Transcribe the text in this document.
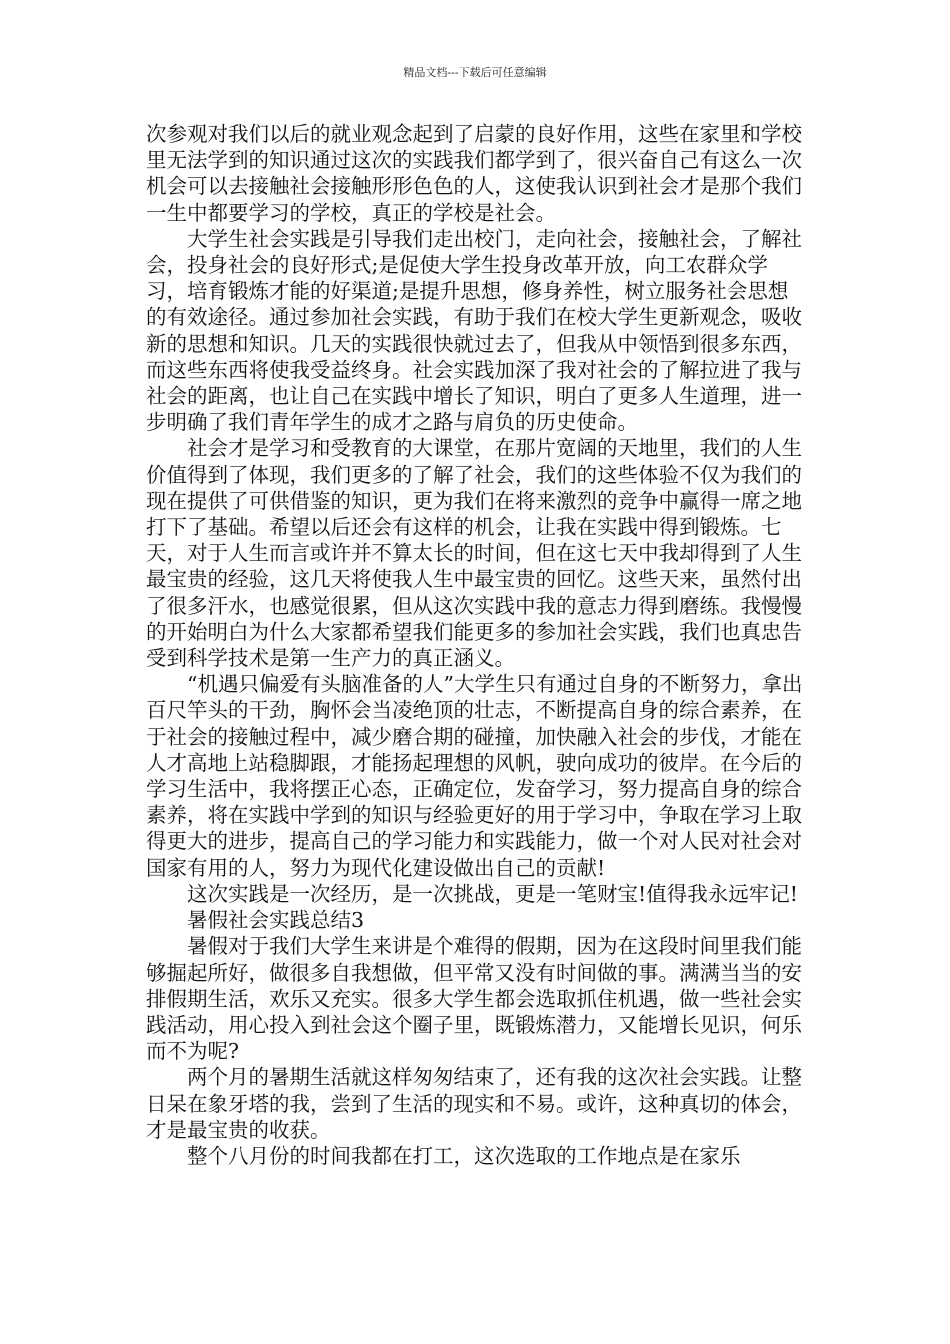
精品文档---下载后可任意编辑

次参观对我们以后的就业观念起到了启蒙的良好作用，这些在家里和学校里无法学到的知识通过这次的实践我们都学到了，很兴奋自己有这么一次机会可以去接触社会接触形形色色的人，这使我认识到社会才是那个我们一生中都要学习的学校，真正的学校是社会。

大学生社会实践是引导我们走出校门，走向社会，接触社会，了解社会，投身社会的良好形式;是促使大学生投身改革开放，向工农群众学习，培育锻炼才能的好渠道;是提升思想，修身养性，树立服务社会思想的有效途径。通过参加社会实践，有助于我们在校大学生更新观念，吸收新的思想和知识。几天的实践很快就过去了，但我从中领悟到很多东西，而这些东西将使我受益终身。社会实践加深了我对社会的了解拉进了我与社会的距离，也让自己在实践中增长了知识，明白了更多人生道理，进一步明确了我们青年学生的成才之路与肩负的历史使命。

社会才是学习和受教育的大课堂，在那片宽阔的天地里，我们的人生价值得到了体现，我们更多的了解了社会，我们的这些体验不仅为我们的现在提供了可供借鉴的知识，更为我们在将来激烈的竞争中赢得一席之地打下了基础。希望以后还会有这样的机会，让我在实践中得到锻炼。七天，对于人生而言或许并不算太长的时间，但在这七天中我却得到了人生最宝贵的经验，这几天将使我人生中最宝贵的回忆。这些天来，虽然付出了很多汗水，也感觉很累，但从这次实践中我的意志力得到磨练。我慢慢的开始明白为什么大家都希望我们能更多的参加社会实践，我们也真忠告受到科学技术是第一生产力的真正涵义。

“机遇只偏爱有头脑准备的人”大学生只有通过自身的不断努力，拿出百尺竿头的干劲，胸怀会当凌绝顶的壮志，不断提高自身的综合素养，在于社会的接触过程中，减少磨合期的碰撞，加快融入社会的步伐，才能在人才高地上站稳脚跟，才能扬起理想的风帆，驶向成功的彼岸。在今后的学习生活中，我将摆正心态，正确定位，发奋学习，努力提高自身的综合素养，将在实践中学到的知识与经验更好的用于学习中，争取在学习上取得更大的进步，提高自己的学习能力和实践能力，做一个对人民对社会对国家有用的人，努力为现代化建设做出自己的贡献!

这次实践是一次经历，是一次挑战，更是一笔财宝!值得我永远牢记!

暑假社会实践总结3

暑假对于我们大学生来讲是个难得的假期，因为在这段时间里我们能够掘起所好，做很多自我想做，但平常又没有时间做的事。满满当当的安排假期生活，欢乐又充实。很多大学生都会选取抓住机遇，做一些社会实践活动，用心投入到社会这个圈子里，既锻炼潜力，又能增长见识，何乐而不为呢?

两个月的暑期生活就这样匆匆结束了，还有我的这次社会实践。让整日呆在象牙塔的我，尝到了生活的现实和不易。或许，这种真切的体会，才是最宝贵的收获。

整个八月份的时间我都在打工，这次选取的工作地点是在家乐
